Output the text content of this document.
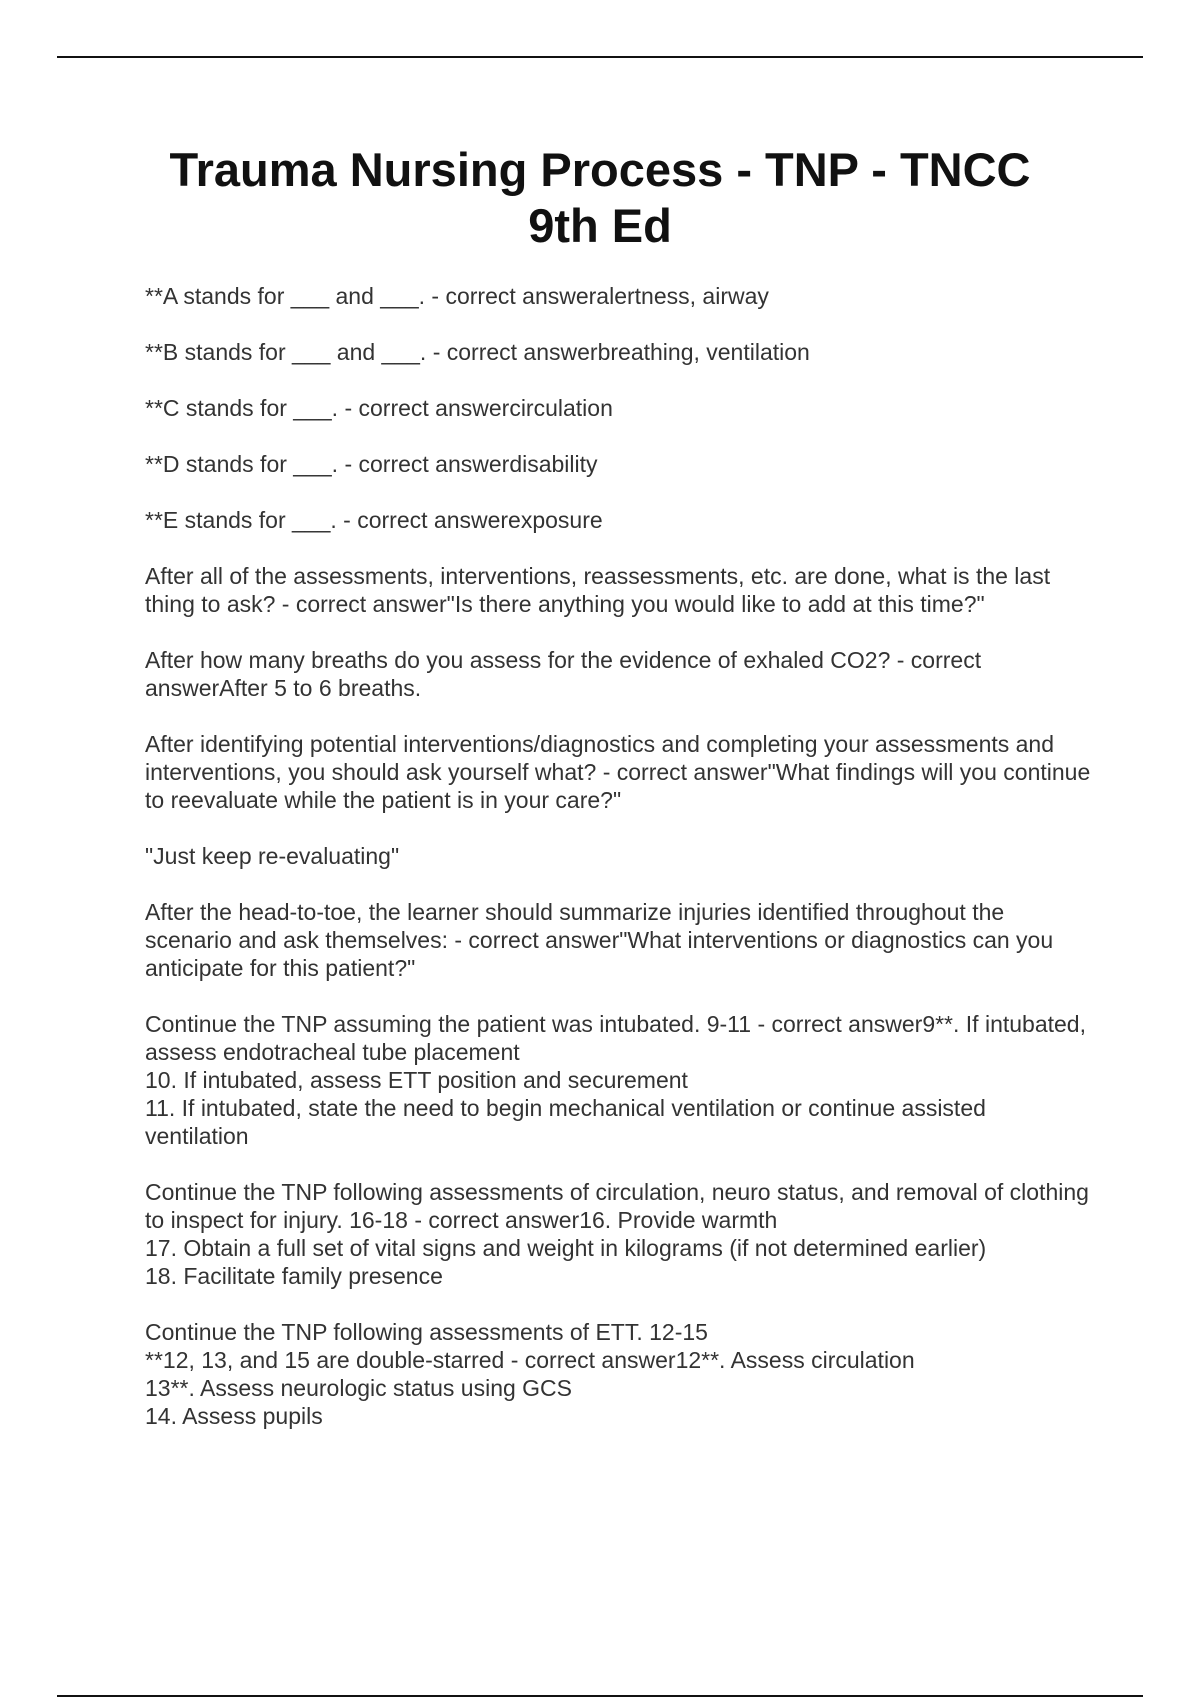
Trauma Nursing Process - TNP - TNCC
9th Ed

**A stands for ___ and ___. - correct answeralertness, airway

**B stands for ___ and ___. - correct answerbreathing, ventilation

**C stands for ___. - correct answercirculation

**D stands for ___. - correct answerdisability

**E stands for ___. - correct answerexposure

After all of the assessments, interventions, reassessments, etc. are done, what is the last thing to ask? - correct answer"Is there anything you would like to add at this time?"

After how many breaths do you assess for the evidence of exhaled CO2? - correct answerAfter 5 to 6 breaths.

After identifying potential interventions/diagnostics and completing your assessments and interventions, you should ask yourself what? - correct answer"What findings will you continue to reevaluate while the patient is in your care?"

"Just keep re-evaluating"

After the head-to-toe, the learner should summarize injuries identified throughout the scenario and ask themselves: - correct answer"What interventions or diagnostics can you anticipate for this patient?"

Continue the TNP assuming the patient was intubated. 9-11 - correct answer9**. If intubated, assess endotracheal tube placement
10. If intubated, assess ETT position and securement
11. If intubated, state the need to begin mechanical ventilation or continue assisted ventilation

Continue the TNP following assessments of circulation, neuro status, and removal of clothing to inspect for injury. 16-18 - correct answer16. Provide warmth
17. Obtain a full set of vital signs and weight in kilograms (if not determined earlier)
18. Facilitate family presence

Continue the TNP following assessments of ETT. 12-15
**12, 13, and 15 are double-starred - correct answer12**. Assess circulation
13**. Assess neurologic status using GCS
14. Assess pupils
